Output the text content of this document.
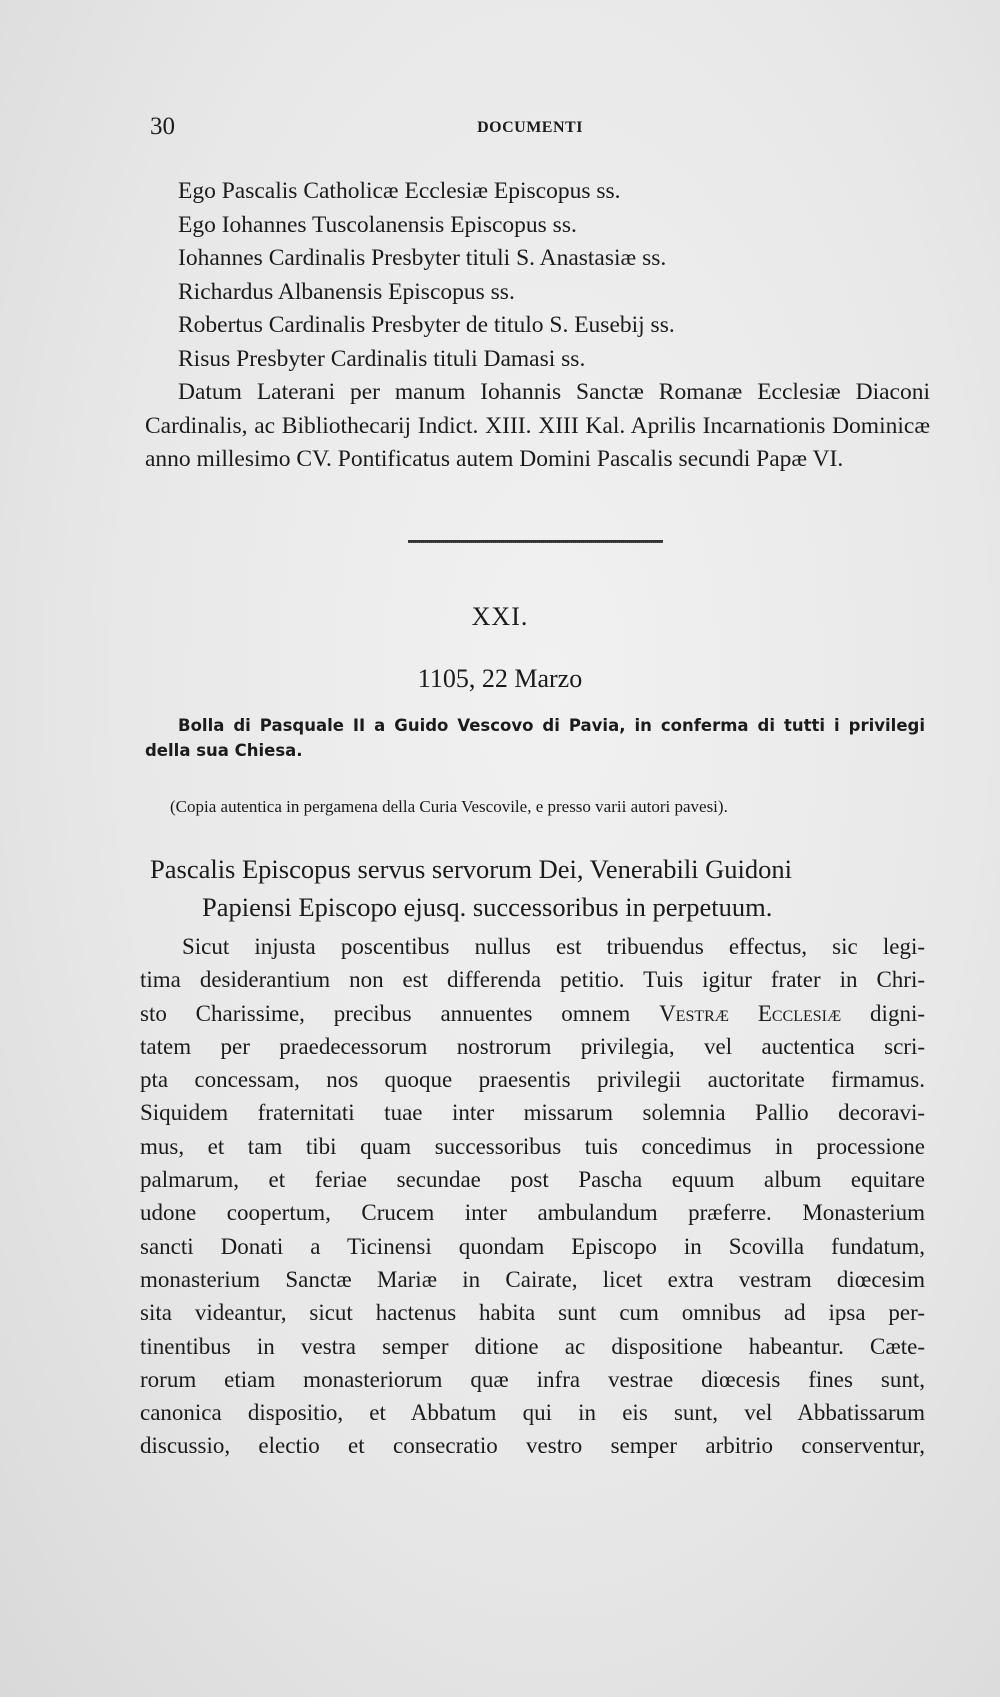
30	DOCUMENTI
Ego Pascalis Catholicæ Ecclesiæ Episcopus ss.
Ego Iohannes Tuscolanensis Episcopus ss.
Iohannes Cardinalis Presbyter tituli S. Anastasiæ ss.
Richardus Albanensis Episcopus ss.
Robertus Cardinalis Presbyter de titulo S. Eusebij ss.
Risus Presbyter Cardinalis tituli Damasi ss.
Datum Laterani per manum Iohannis Sanctæ Romanæ Ecclesiæ Diaconi Cardinalis, ac Bibliothecarij Indict. XIII. XIII Kal. Aprilis Incarnationis Dominicæ anno millesimo CV. Pontificatus autem Domini Pascalis secundi Papæ VI.
XXI.
1105, 22 Marzo
Bolla di Pasquale II a Guido Vescovo di Pavia, in conferma di tutti i privilegi della sua Chiesa.
(Copia autentica in pergamena della Curia Vescovile, e presso varii autori pavesi).
Pascalis Episcopus servus servorum Dei, Venerabili Guidoni
Papiensi Episcopo ejusq. successoribus in perpetuum.
Sicut injusta poscentibus nullus est tribuendus effectus, sic legi-
tima desiderantium non est differenda petitio. Tuis igitur frater in Chri-
sto Charissime, precibus annuentes omnem Vestræ Ecclesiæ digni-
tatem per praedecessorum nostrorum privilegia, vel auctentica scri-
pta concessam, nos quoque praesentis privilegii auctoritate firmamus.
Siquidem fraternitati tuae inter missarum solemnia Pallio decoravi-
mus, et tam tibi quam successoribus tuis concedimus in processione
palmarum, et feriae secundae post Pascha equum album equitare
udone coopertum, Crucem inter ambulandum præferre. Monasterium
sancti Donati a Ticinensi quondam Episcopo in Scovilla fundatum,
monasterium Sanctæ Mariæ in Cairate, licet extra vestram diœcesim
sita videantur, sicut hactenus habita sunt cum omnibus ad ipsa per-
tinentibus in vestra semper ditione ac dispositione habeantur. Cæte-
rorum etiam monasteriorum quæ infra vestrae diœcesis fines sunt,
canonica dispositio, et Abbatum qui in eis sunt, vel Abbatissarum
discussio, electio et consecratio vestro semper arbitrio conserventur,
